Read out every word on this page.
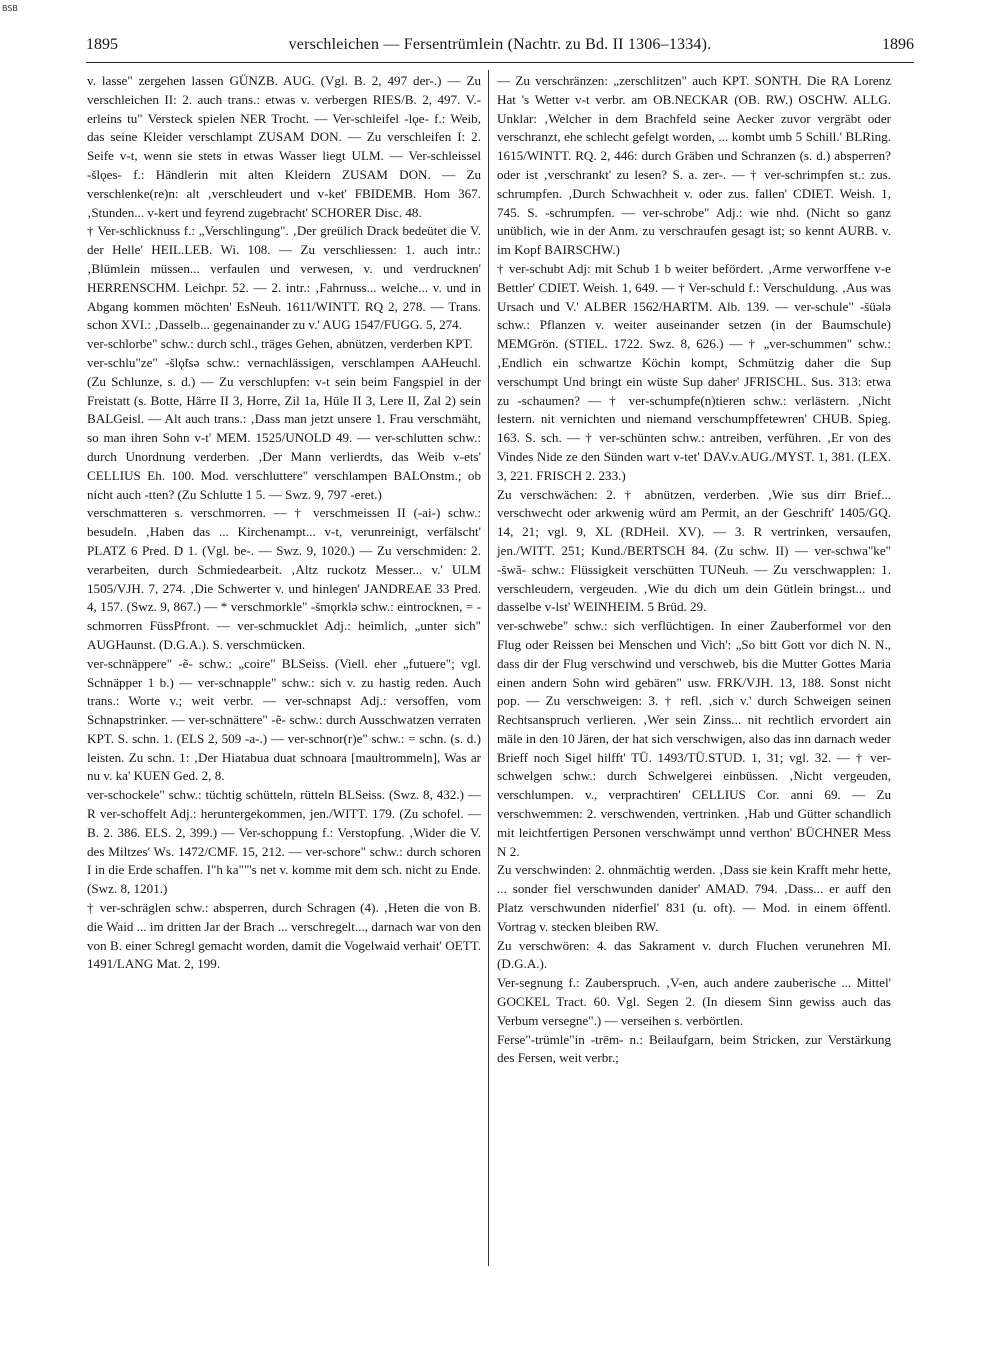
BSB
1895	verschleichen — Fersentrümlein (Nachtr. zu Bd. II 1306–1334).	1896

v. lasse" zergehen lassen GÜNZB. AUG. (Vgl. B. 2, 497 der-.) — Zu verschleichen II: 2. auch trans.: etwas v. verbergen RIES/B. 2, 497. V.-erleins tu" Versteck spielen NER Trocht. — Ver-schleifel -lǫe- f.: Weib, das seine Kleider verschlampt ZUSAM DON. — Zu verschleifen I: 2. Seife v-t, wenn sie stets in etwas Wasser liegt ULM. — Ver-schleissel -šlǫes- f.: Händlerin mit alten Kleidern ZUSAM DON. — Zu verschlenke(re)n: alt ‚verschleudert und v-ket' FBIDEMB. Hom 367. ‚Stunden... v-kert und feyrend zugebracht' SCHORER Disc. 48.

† Ver-schlicknuss f.: „Verschlingung". ‚Der greülich Drack bedeütet die V. der Helle' HEIL.LEB. Wi. 108. — Zu verschliessen: 1. auch intr.: ‚Blümlein müssen... verfaulen und verwesen, v. und verdrucknen' HERRENSCHM. Leichpr. 52. — 2. intr.: ‚Fahrnuss... welche... v. und in Abgang kommen möchten' EsNeuh. 1611/WINTT. RQ 2, 278. — Trans. schon XVI.: ‚Dasselb... gegenainander zu v.' AUG 1547/FUGG. 5, 274.

ver-schlorbe" schw.: durch schl., träges Gehen, abnützen, verderben KPT.

ver-schlu"ze" -šlǫ̃tsə schw.: vernachlässigen, verschlampen AAHeuchl. (Zu Schlunze, s. d.) — Zu verschlupfen: v-t sein beim Fangspiel in der Freistatt (s. Botte, Härre II 3, Horre, Zil 1a, Hüle II 3, Lere II, Zal 2) sein BALGeisl. — Alt auch trans.: ‚Dass man jetzt unsere 1. Frau verschmäht, so man ihren Sohn v-t' MEM. 1525/UNOLD 49. — ver-schlutten schw.: durch Unordnung verderben. ‚Der Mann verlierdts, das Weib v-ets' CELLIUS Eh. 100. Mod. verschluttere" verschlampen BALOnstm.; ob nicht auch -tten? (Zu Schlutte 1 5. — Swz. 9, 797 -eret.)

verschmatteren s. verschmorren. — † verschmeissen II (-ai-) schw.: besudeln. ‚Haben das ... Kirchenampt... v-t, verunreinigt, verfälscht' PLATZ 6 Pred. D 1. (Vgl. be-. — Swz. 9, 1020.) — Zu verschmiden: 2. verarbeiten, durch Schmiedearbeit. ‚Altz ruckotz Messer... v.' ULM 1505/VJH. 7, 274. ‚Die Schwerter v. und hinlegen' JANDREAE 33 Pred. 4, 157. (Swz. 9, 867.) — * verschmorkle" -šmǫrklə schw.: eintrocknen, = -schmorren FüssPfront. — ver-schmucklet Adj.: heimlich, „unter sich" AUGHaunst. (D.G.A.). S. verschmücken.

ver-schnäppere" -ẽ- schw.: „coire" BLSeiss. (Viell. eher „futuere"; vgl. Schnäpper 1 b.) — ver-schnapple" schw.: sich v. zu hastig reden. Auch trans.: Worte v.; weit verbr. — ver-schnapst Adj.: versoffen, vom Schnapstrinker. — ver-schnättere" -ẽ- schw.: durch Ausschwatzen verraten KPT. S. schn. 1. (ELS 2, 509 -a-.) — ver-schnor(r)e" schw.: = schn. (s. d.) leisten. Zu schn. 1: ‚Der Hiatabua duat schnoara [maultrommeln], Was ar nu v. ka' KUEN Ged. 2, 8.

ver-schockele" schw.: tüchtig schütteln, rütteln BLSeiss. (Swz. 8, 432.) — R ver-schoffelt Adj.: heruntergekommen, jen./WITT. 179. (Zu schofel. — B. 2. 386. ELS. 2, 399.) — Ver-schoppung f.: Verstopfung. ‚Wider die V. des Miltzes' Ws. 1472/CMF. 15, 212. — ver-schore" schw.: durch schoren I in die Erde schaffen. I"h ka""'s net v. komme mit dem sch. nicht zu Ende. (Swz. 8, 1201.)

† ver-schräglen schw.: absperren, durch Schragen (4). ‚Heten die von B. die Waid ... im dritten Jar der Brach ... verschregelt..., darnach war von den von B. einer Schregl gemacht worden, damit die Vogelwaid verhait' OETT. 1491/LANG Mat. 2, 199.

— Zu verschränzen: „zerschlitzen" auch KPT. SONTH. Die RA Lorenz Hat 's Wetter v-t verbr. am OB.NECKAR (OB. RW.) OSCHW. ALLG. Unklar: ‚Welcher in dem Brachfeld seine Aecker zuvor vergräbt oder verschranzt, ehe schlecht gefelgt worden, ... kombt umb 5 Schill.' BLRing. 1615/WINTT. RQ. 2, 446: durch Gräben und Schranzen (s. d.) absperren? oder ist ‚verschrankt' zu lesen? S. a. zer-. — † ver-schrimpfen st.: zus. schrumpfen. ‚Durch Schwachheit v. oder zus. fallen' CDIET. Weish. 1, 745. S. -schrumpfen. — ver-schrobe" Adj.: wie nhd. (Nicht so ganz unüblich, wie in der Anm. zu verschraufen gesagt ist; so kennt AURB. v. im Kopf BAIRSCHW.)

† ver-schubt Adj: mit Schub 1 b weiter befördert. ‚Arme verworffene v-e Bettler' CDIET. Weish. 1, 649. — † Ver-schuld f.: Verschuldung. ‚Aus was Ursach und V.' ALBER 1562/HARTM. Alb. 139. — ver-schule" -šüələ schw.: Pflanzen v. weiter auseinander setzen (in der Baumschule) MEMGrön. (STIEL. 1722. Swz. 8, 626.) — † „ver-schummen" schw.: ‚Endlich ein schwartze Köchin kompt, Schmützig daher die Sup verschumpt Und bringt ein wüste Sup daher' JFRISCHL. Sus. 313: etwa zu -schaumen? — † ver-schumpfe(n)tieren schw.: verlästern. ‚Nicht lestern. nit vernichten und niemand verschumpffetewren' CHUB. Spieg. 163. S. sch. — † ver-schünten schw.: antreiben, verführen. ‚Er von des Vindes Nide ze den Sünden wart v-tet' DAV.v.AUG./MYST. 1, 381. (LEX. 3, 221. FRISCH 2. 233.)

Zu verschwächen: 2. † abnützen, verderben. ‚Wie sus dirr Brief... verschwecht oder arkwenig würd am Permit, an der Geschrift' 1405/GQ. 14, 21; vgl. 9, XL (RDHeil. XV). — 3. R vertrinken, versaufen, jen./WITT. 251; Kund./BERTSCH 84. (Zu schw. II) — ver-schwa"ke" -šwã- schw.: Flüssigkeit verschütten TUNeuh. — Zu verschwapplen: 1. verschleudern, vergeuden. ‚Wie du dich um dein Gütlein bringst... und dasselbe v-lst' WEINHEIM. 5 Brüd. 29.

ver-schwebe" schw.: sich verflüchtigen. In einer Zauberformel vor den Flug oder Reissen bei Menschen und Vich': „So bitt Gott vor dich N. N., dass dir der Flug verschwind und verschweb, bis die Mutter Gottes Maria einen andern Sohn wird gebären" usw. FRK/VJH. 13, 188. Sonst nicht pop. — Zu verschweigen: 3. † refl. ‚sich v.' durch Schweigen seinen Rechtsanspruch verlieren. ‚Wer sein Zinss... nit rechtlich ervordert ain mäle in den 10 Jären, der hat sich verschwigen, also das inn darnach weder Brieff noch Sigel hilfft' TÜ. 1493/TÜ.STUD. 1, 31; vgl. 32. — † ver-schwelgen schw.: durch Schwelgerei einbüssen. ‚Nicht vergeuden, verschlumpen. v., verprachtiren' CELLIUS Cor. anni 69. — Zu verschwemmen: 2. verschwenden, vertrinken. ‚Hab und Gütter schandlich mit leichtfertigen Personen verschwämpt unnd verthon' BÜCHNER Mess N 2.

Zu verschwinden: 2. ohnmächtig werden. ‚Dass sie kein Krafft mehr hette, ... sonder fiel verschwunden danider' AMAD. 794. ‚Dass... er auff den Platz verschwunden niderfiel' 831 (u. oft). — Mod. in einem öffentl. Vortrag v. stecken bleiben RW.

Zu verschwören: 4. das Sakrament v. durch Fluchen verunehren MI. (D.G.A.).

Ver-segnung f.: Zauberspruch. ‚V-en, auch andere zauberische ... Mittel' GOCKEL Tract. 60. Vgl. Segen 2. (In diesem Sinn gewiss auch das Verbum versegne".) — verseihen s. verbörtlen.

Ferse"-trümle"in -trēm- n.: Beilaufgarn, beim Stricken, zur Verstärkung des Fersen, weit verbr.;
